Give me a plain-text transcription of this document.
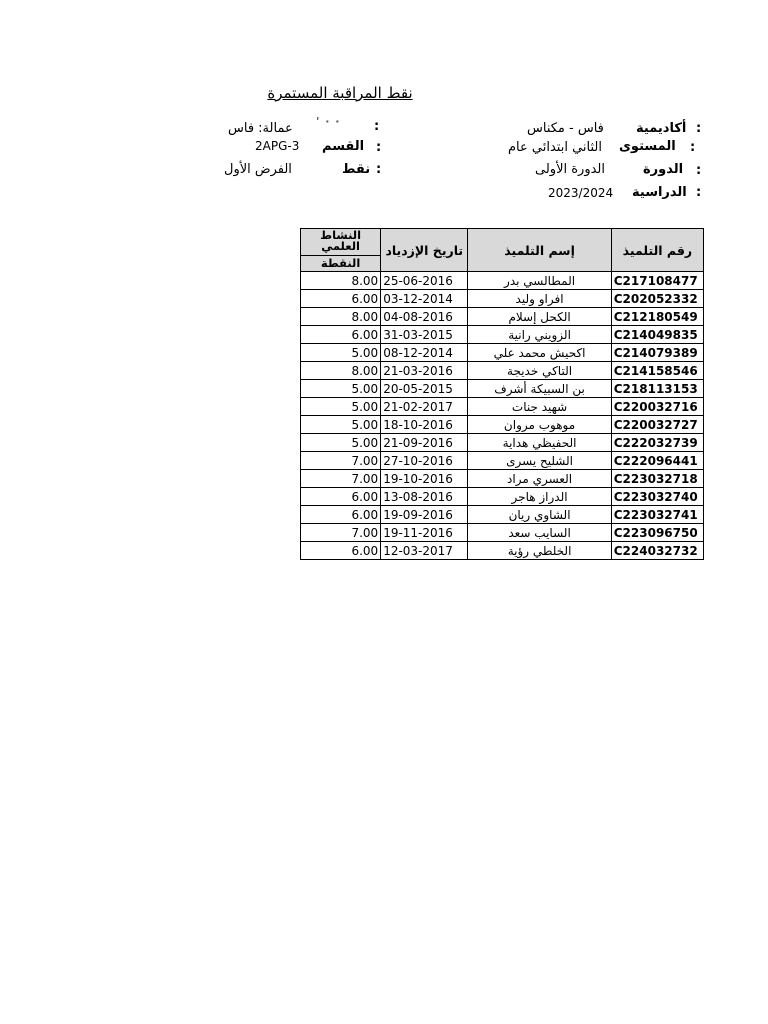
نقط المراقبة المستمرة
:
أكاديمية
فاس - مكناس
:
المستوى
الثاني ابتدائي عام
:
الدورة
الدورة الأولى
:
الدراسية
2023/2024
:
' · ·
عمالة: فاس
:
القسم
2APG-3
:
نقط
الفرض الأول
النشاط
العلمي
النقطة	تاريخ الإزدياد	إسم التلميذ	رقم التلميذ
8.00	25-06-2016	المطالسي بدر	C217108477
6.00	03-12-2014	افراو وليد	C202052332
8.00	04-08-2016	الكحل إسلام	C212180549
6.00	31-03-2015	الزويني رانية	C214049835
5.00	08-12-2014	اكحيش محمد علي	C214079389
8.00	21-03-2016	التاكي خديجة	C214158546
5.00	20-05-2015	بن السبيكة أشرف	C218113153
5.00	21-02-2017	شهيد جنات	C220032716
5.00	18-10-2016	موهوب مروان	C220032727
5.00	21-09-2016	الحفيظي هداية	C222032739
7.00	27-10-2016	الشليح يسرى	C222096441
7.00	19-10-2016	العسري مراد	C223032718
6.00	13-08-2016	الدراز هاجر	C223032740
6.00	19-09-2016	الشاوي ريان	C223032741
7.00	19-11-2016	السايب سعد	C223096750
6.00	12-03-2017	الخلطي رؤية	C224032732
